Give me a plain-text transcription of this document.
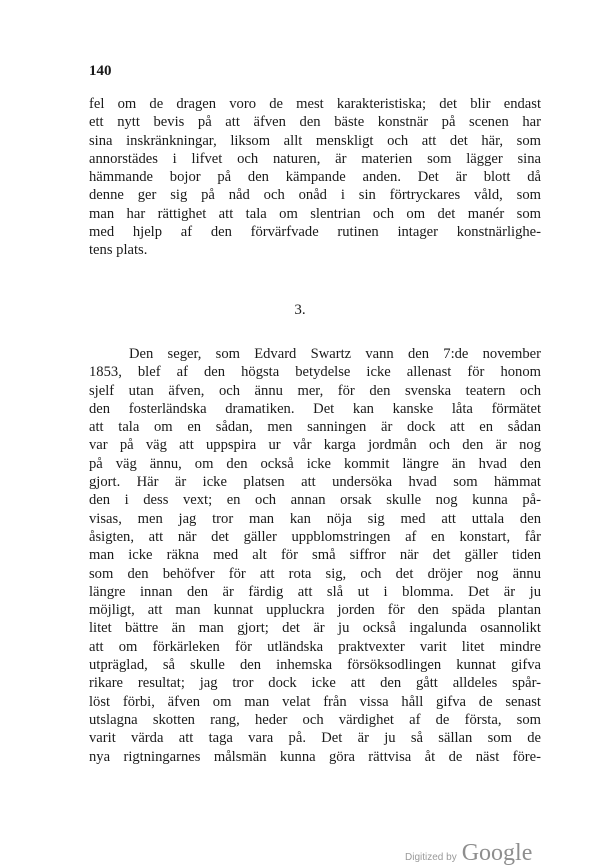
140
fel om de dragen voro de mest karakteristiska; det blir endast
ett nytt bevis på att äfven den bäste konstnär på scenen har
sina inskränkningar, liksom allt menskligt och att det här, som
annorstädes i lifvet och naturen, är materien som lägger sina
hämmande bojor på den kämpande anden. Det är blott då
denne ger sig på nåd och onåd i sin förtryckares våld, som
man har rättighet att tala om slentrian och om det manér som
med hjelp af den förvärfvade rutinen intager konstnärlighe-
tens plats.
3.
Den seger, som Edvard Swartz vann den 7:de november
1853, blef af den högsta betydelse icke allenast för honom
sjelf utan äfven, och ännu mer, för den svenska teatern och
den fosterländska dramatiken. Det kan kanske låta förmätet
att tala om en sådan, men sanningen är dock att en sådan
var på väg att uppspira ur vår karga jordmån och den är nog
på väg ännu, om den också icke kommit längre än hvad den
gjort. Här är icke platsen att undersöka hvad som hämmat
den i dess vext; en och annan orsak skulle nog kunna på-
visas, men jag tror man kan nöja sig med att uttala den
åsigten, att när det gäller uppblomstringen af en konstart, får
man icke räkna med alt för små siffror när det gäller tiden
som den behöfver för att rota sig, och det dröjer nog ännu
längre innan den är färdig att slå ut i blomma. Det är ju
möjligt, att man kunnat uppluckra jorden för den späda plantan
litet bättre än man gjort; det är ju också ingalunda osannolikt
att om förkärleken för utländska praktvexter varit litet mindre
utpräglad, så skulle den inhemska försöksodlingen kunnat gifva
rikare resultat; jag tror dock icke att den gått alldeles spår-
löst förbi, äfven om man velat från vissa håll gifva de senast
utslagna skotten rang, heder och värdighet af de första, som
varit värda att taga vara på. Det är ju så sällan som de
nya rigtningarnes målsmän kunna göra rättvisa åt de näst före-
Digitized by Google
